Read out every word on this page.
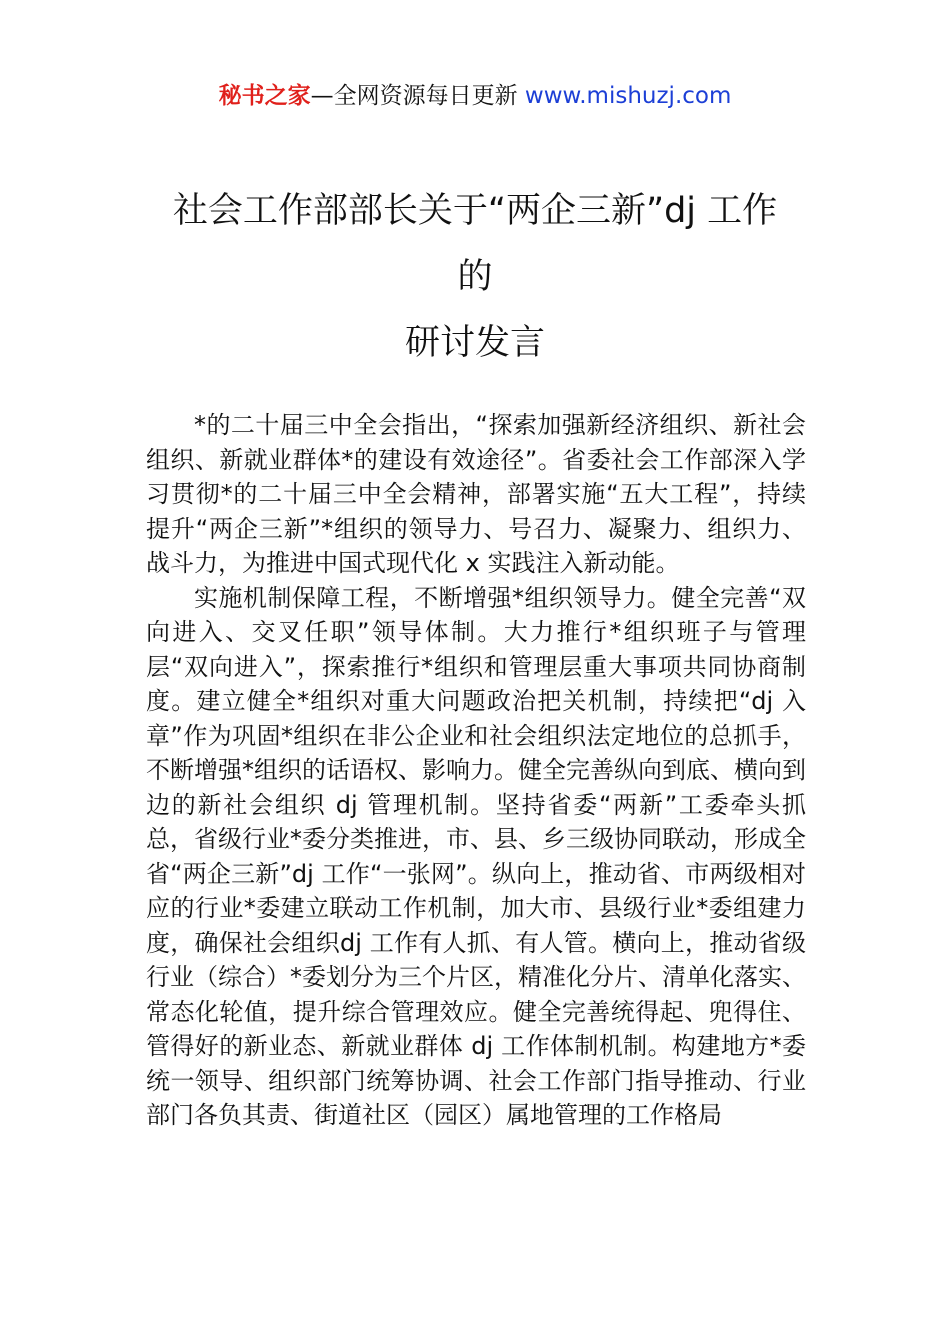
秘书之家—全网资源每日更新 www.mishuzj.com
社会工作部部长关于“两企三新”dj 工作
的
研讨发言

*的二十届三中全会指出，“探索加强新经济组织、新社会组织、新就业群体*的建设有效途径”。省委社会工作部深入学习贯彻*的二十届三中全会精神，部署实施“五大工程”，持续提升“两企三新”*组织的领导力、号召力、凝聚力、组织力、战斗力，为推进中国式现代化 x 实践注入新动能。

实施机制保障工程，不断增强*组织领导力。健全完善“双向进入、交叉任职”领导体制。大力推行*组织班子与管理层“双向进入”，探索推行*组织和管理层重大事项共同协商制度。建立健全*组织对重大问题政治把关机制，持续把“dj 入章”作为巩固*组织在非公企业和社会组织法定地位的总抓手，不断增强*组织的话语权、影响力。健全完善纵向到底、横向到边的新社会组织 dj 管理机制。坚持省委“两新”工委牵头抓总，省级行业*委分类推进，市、县、乡三级协同联动，形成全省“两企三新”dj 工作“一张网”。纵向上，推动省、市两级相对应的行业*委建立联动工作机制，加大市、县级行业*委组建力度，确保社会组织dj 工作有人抓、有人管。横向上，推动省级行业（综合）*委划分为三个片区，精准化分片、清单化落实、常态化轮值，提升综合管理效应。健全完善统得起、兜得住、管得好的新业态、新就业群体 dj 工作体制机制。构建地方*委统一领导、组织部门统筹协调、社会工作部门指导推动、行业部门各负其责、街道社区（园区）属地管理的工作格局
